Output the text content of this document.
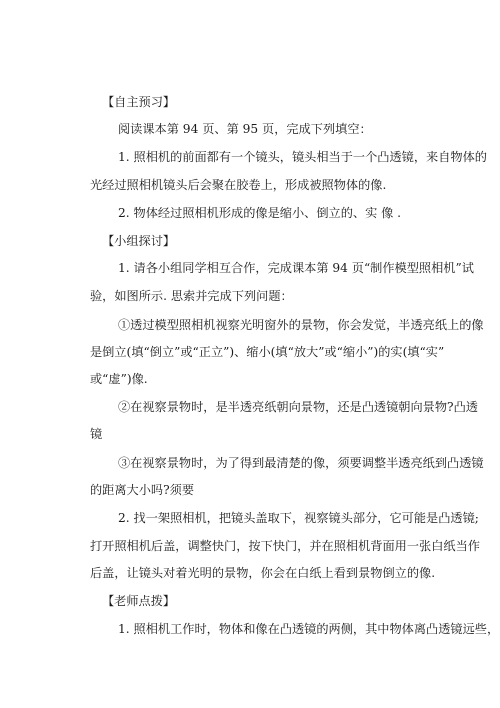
【自主预习】
阅读课本第 94 页、第 95 页，完成下列填空：
1. 照相机的前面都有一个镜头，镜头相当于一个凸透镜，来自物体的
光经过照相机镜头后会聚在胶卷上，形成被照物体的像.
2. 物体经过照相机形成的像是缩小、倒立的、实 像 .
【小组探讨】
1. 请各小组同学相互合作，完成课本第 94 页“制作模型照相机”试
验，如图所示. 思索并完成下列问题：
①透过模型照相机视察光明窗外的景物，你会发觉，半透亮纸上的像
是倒立(填“倒立”或“正立”)、缩小(填“放大”或“缩小”)的实(填“实”
或“虚”)像.
②在视察景物时，是半透亮纸朝向景物，还是凸透镜朝向景物?凸透
镜
③在视察景物时，为了得到最清楚的像，须要调整半透亮纸到凸透镜
的距离大小吗?须要
2. 找一架照相机，把镜头盖取下，视察镜头部分，它可能是凸透镜;
打开照相机后盖，调整快门，按下快门，并在照相机背面用一张白纸当作
后盖，让镜头对着光明的景物，你会在白纸上看到景物倒立的像.
【老师点拨】
1. 照相机工作时，物体和像在凸透镜的两侧，其中物体离凸透镜远些，
